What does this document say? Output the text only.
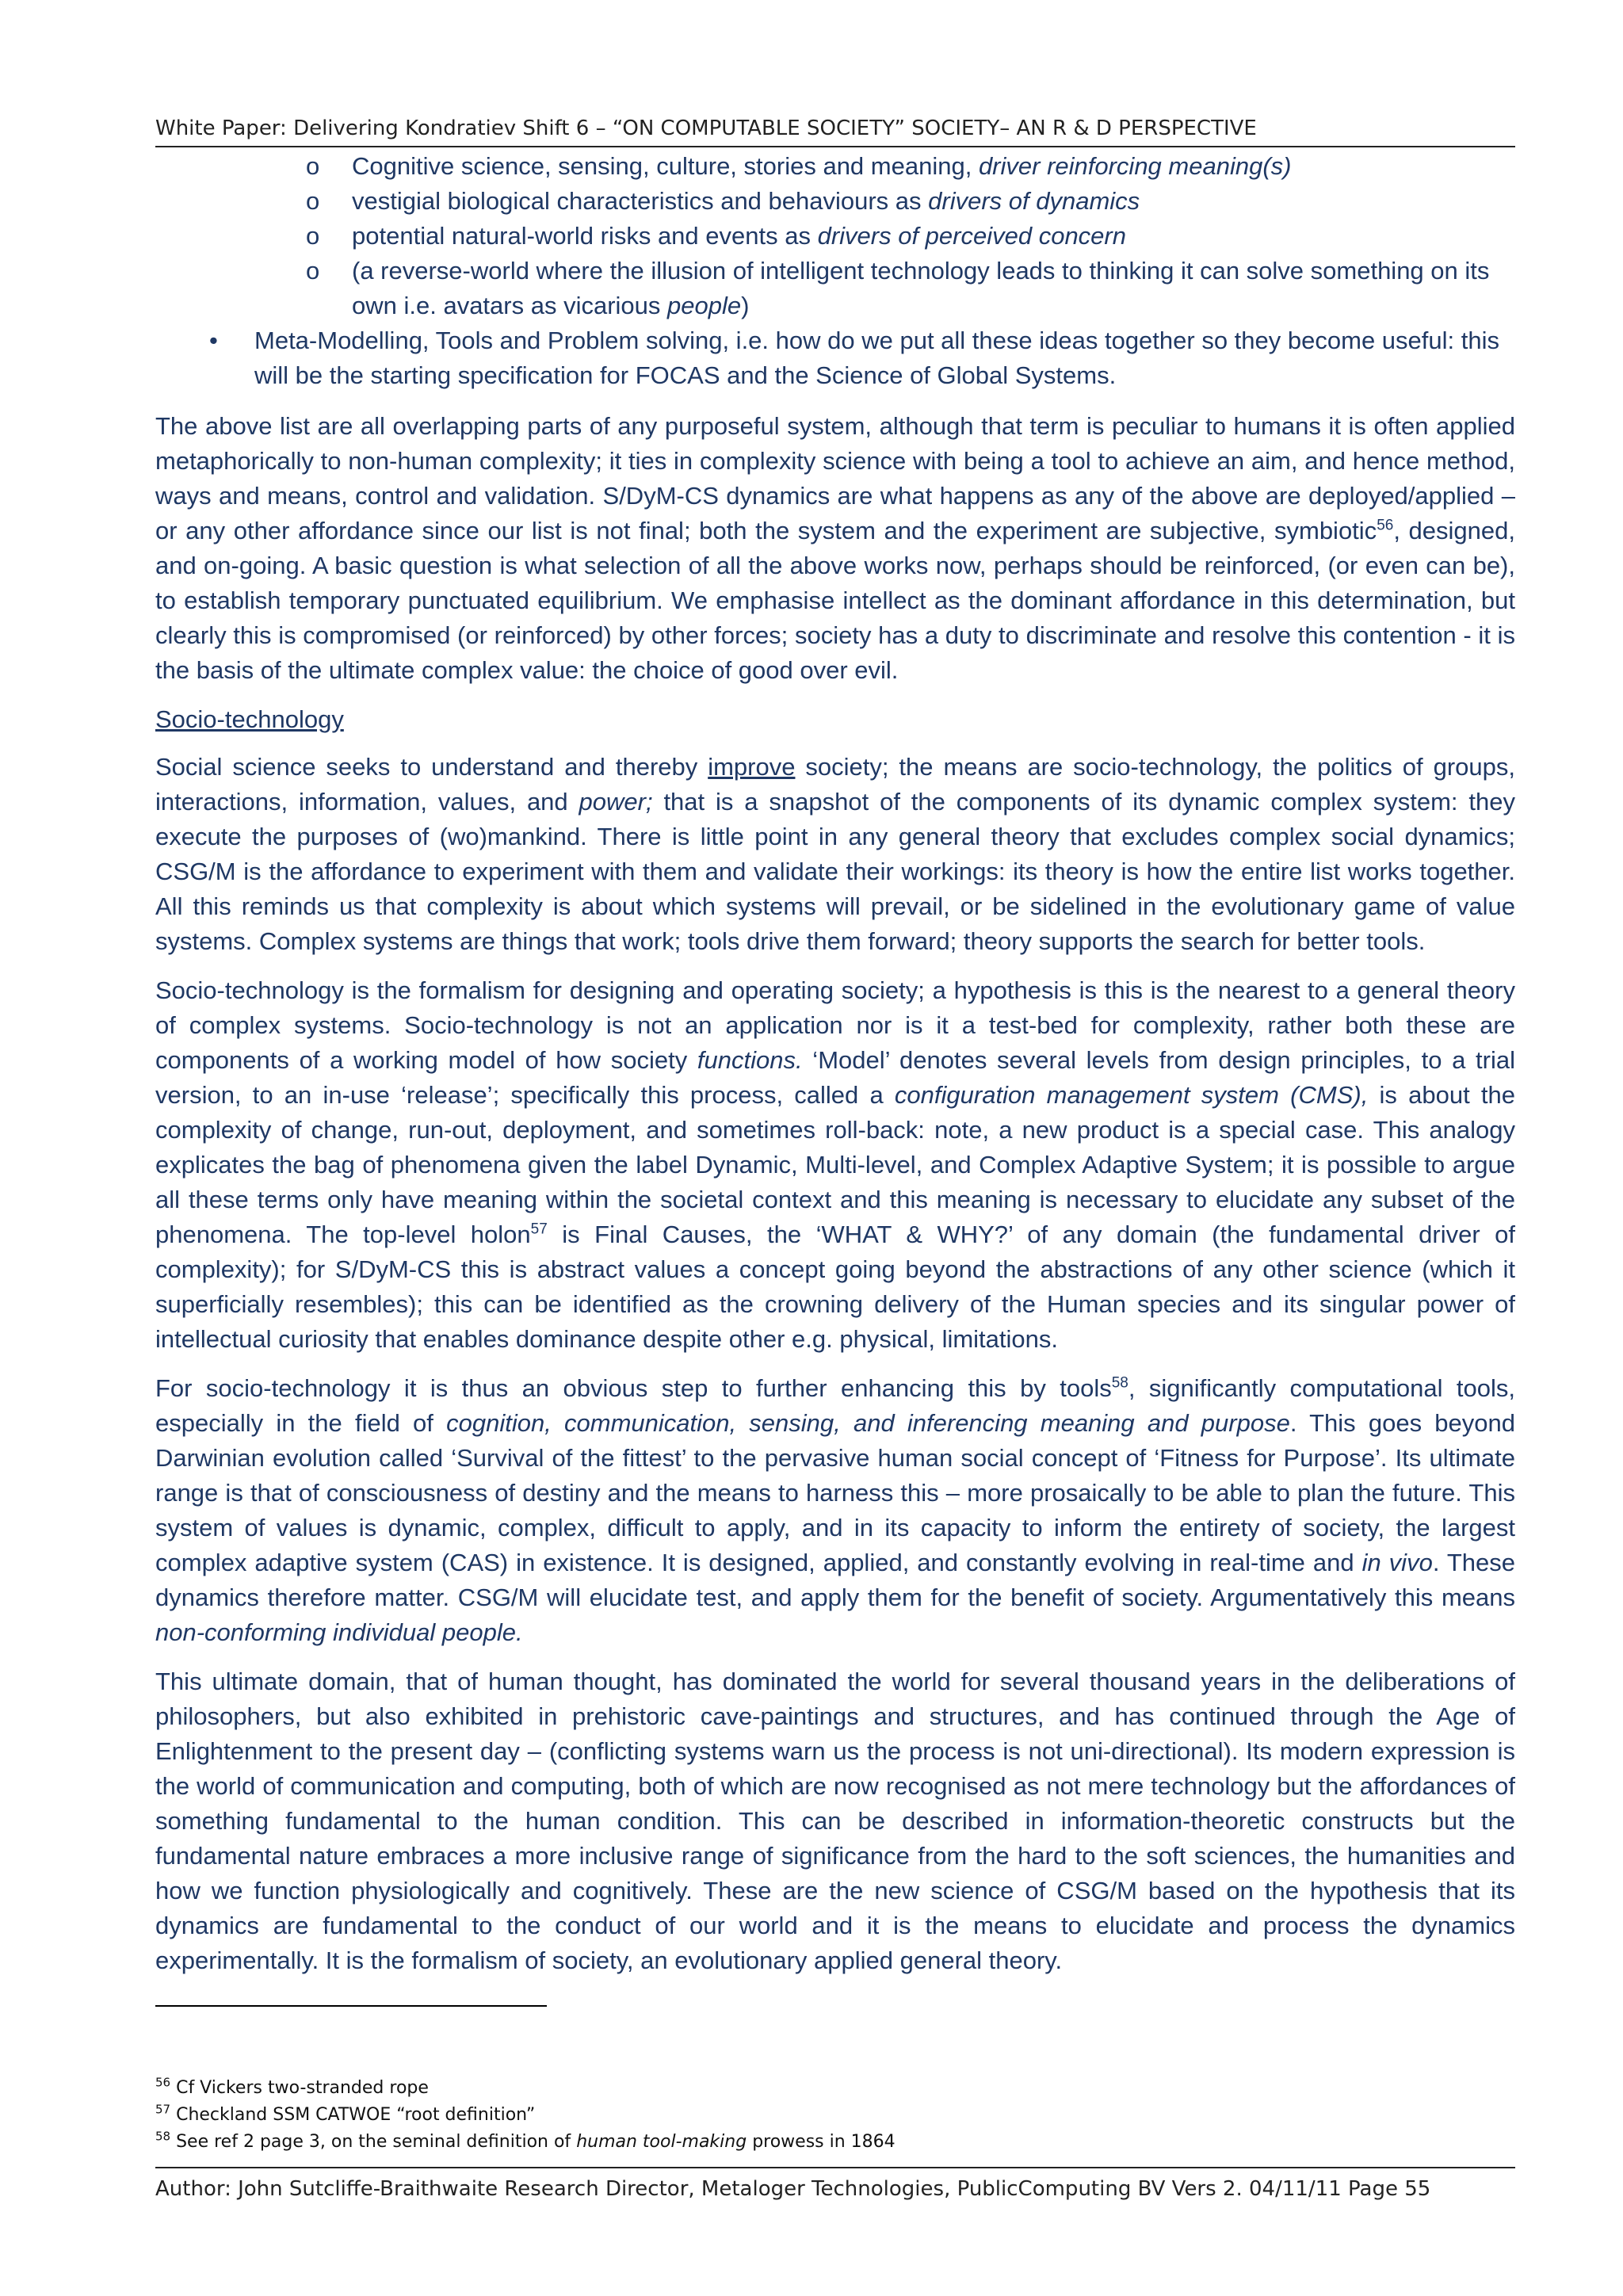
White Paper: Delivering Kondratiev Shift 6 – “ON COMPUTABLE SOCIETY” SOCIETY– AN R & D PERSPECTIVE
o Cognitive science, sensing, culture, stories and meaning, driver reinforcing meaning(s)
o vestigial biological characteristics and behaviours as drivers of dynamics
o potential natural-world risks and events as drivers of perceived concern
o (a reverse-world where the illusion of intelligent technology leads to thinking it can solve something on its own i.e. avatars as vicarious people)
• Meta-Modelling, Tools and Problem solving, i.e. how do we put all these ideas together so they become useful: this will be the starting specification for FOCAS and the Science of Global Systems.

The above list are all overlapping parts of any purposeful system, although that term is peculiar to humans it is often applied metaphorically to non-human complexity; it ties in complexity science with being a tool to achieve an aim, and hence method, ways and means, control and validation. S/DyM-CS dynamics are what happens as any of the above are deployed/applied – or any other affordance since our list is not final; both the system and the experiment are subjective, symbiotic$^{56}$, designed, and on-going. A basic question is what selection of all the above works now, perhaps should be reinforced, (or even can be), to establish temporary punctuated equilibrium. We emphasise intellect as the dominant affordance in this determination, but clearly this is compromised (or reinforced) by other forces; society has a duty to discriminate and resolve this contention - it is the basis of the ultimate complex value: the choice of good over evil.

Socio-technology

Social science seeks to understand and thereby improve society; the means are socio-technology, the politics of groups, interactions, information, values, and power; that is a snapshot of the components of its dynamic complex system: they execute the purposes of (wo)mankind. There is little point in any general theory that excludes complex social dynamics; CSG/M is the affordance to experiment with them and validate their workings: its theory is how the entire list works together. All this reminds us that complexity is about which systems will prevail, or be sidelined in the evolutionary game of value systems. Complex systems are things that work; tools drive them forward; theory supports the search for better tools.

Socio-technology is the formalism for designing and operating society; a hypothesis is this is the nearest to a general theory of complex systems. Socio-technology is not an application nor is it a test-bed for complexity, rather both these are components of a working model of how society functions. ‘Model’ denotes several levels from design principles, to a trial version, to an in-use ‘release’; specifically this process, called a configuration management system (CMS), is about the complexity of change, run-out, deployment, and sometimes roll-back: note, a new product is a special case. This analogy explicates the bag of phenomena given the label Dynamic, Multi-level, and Complex Adaptive System; it is possible to argue all these terms only have meaning within the societal context and this meaning is necessary to elucidate any subset of the phenomena. The top-level holon$^{57}$ is Final Causes, the ‘WHAT & WHY?’ of any domain (the fundamental driver of complexity); for S/DyM-CS this is abstract values a concept going beyond the abstractions of any other science (which it superficially resembles); this can be identified as the crowning delivery of the Human species and its singular power of intellectual curiosity that enables dominance despite other e.g. physical, limitations.

For socio-technology it is thus an obvious step to further enhancing this by tools$^{58}$, significantly computational tools, especially in the field of cognition, communication, sensing, and inferencing meaning and purpose. This goes beyond Darwinian evolution called ‘Survival of the fittest’ to the pervasive human social concept of ‘Fitness for Purpose’. Its ultimate range is that of consciousness of destiny and the means to harness this – more prosaically to be able to plan the future. This system of values is dynamic, complex, difficult to apply, and in its capacity to inform the entirety of society, the largest complex adaptive system (CAS) in existence. It is designed, applied, and constantly evolving in real-time and in vivo. These dynamics therefore matter. CSG/M will elucidate test, and apply them for the benefit of society. Argumentatively this means non-conforming individual people.

This ultimate domain, that of human thought, has dominated the world for several thousand years in the deliberations of philosophers, but also exhibited in prehistoric cave-paintings and structures, and has continued through the Age of Enlightenment to the present day – (conflicting systems warn us the process is not uni-directional). Its modern expression is the world of communication and computing, both of which are now recognised as not mere technology but the affordances of something fundamental to the human condition. This can be described in information-theoretic constructs but the fundamental nature embraces a more inclusive range of significance from the hard to the soft sciences, the humanities and how we function physiologically and cognitively. These are the new science of CSG/M based on the hypothesis that its dynamics are fundamental to the conduct of our world and it is the means to elucidate and process the dynamics experimentally. It is the formalism of society, an evolutionary applied general theory.

$^{56}$ Cf Vickers two-stranded rope
$^{57}$ Checkland SSM CATWOE “root definition”
$^{58}$ See ref 2 page 3, on the seminal definition of human tool-making prowess in 1864
Author: John Sutcliffe-Braithwaite Research Director, Metaloger Technologies, PublicComputing BV Vers 2. 04/11/11 Page 55
